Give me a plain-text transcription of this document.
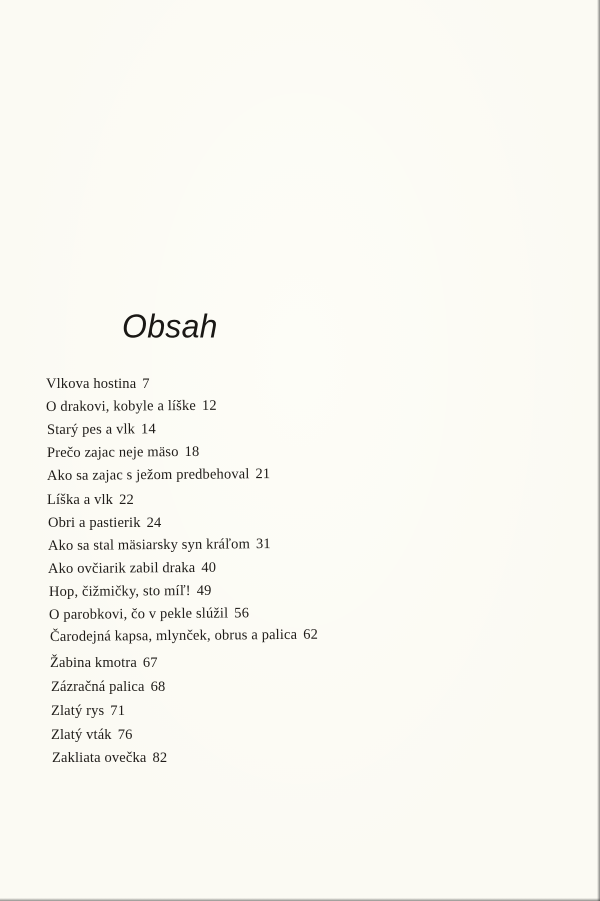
Obsah
Vlkova hostina 7
O drakovi, kobyle a líške 12
Starý pes a vlk 14
Prečo zajac neje mäso 18
Ako sa zajac s ježom predbehoval 21
Líška a vlk 22
Obri a pastierik 24
Ako sa stal mäsiarsky syn kráľom 31
Ako ovčiarik zabil draka 40
Hop, čižmičky, sto míľ! 49
O parobkovi, čo v pekle slúžil 56
Čarodejná kapsa, mlynček, obrus a palica 62
Žabina kmotra 67
Zázračná palica 68
Zlatý rys 71
Zlatý vták 76
Zakliata ovečka 82
